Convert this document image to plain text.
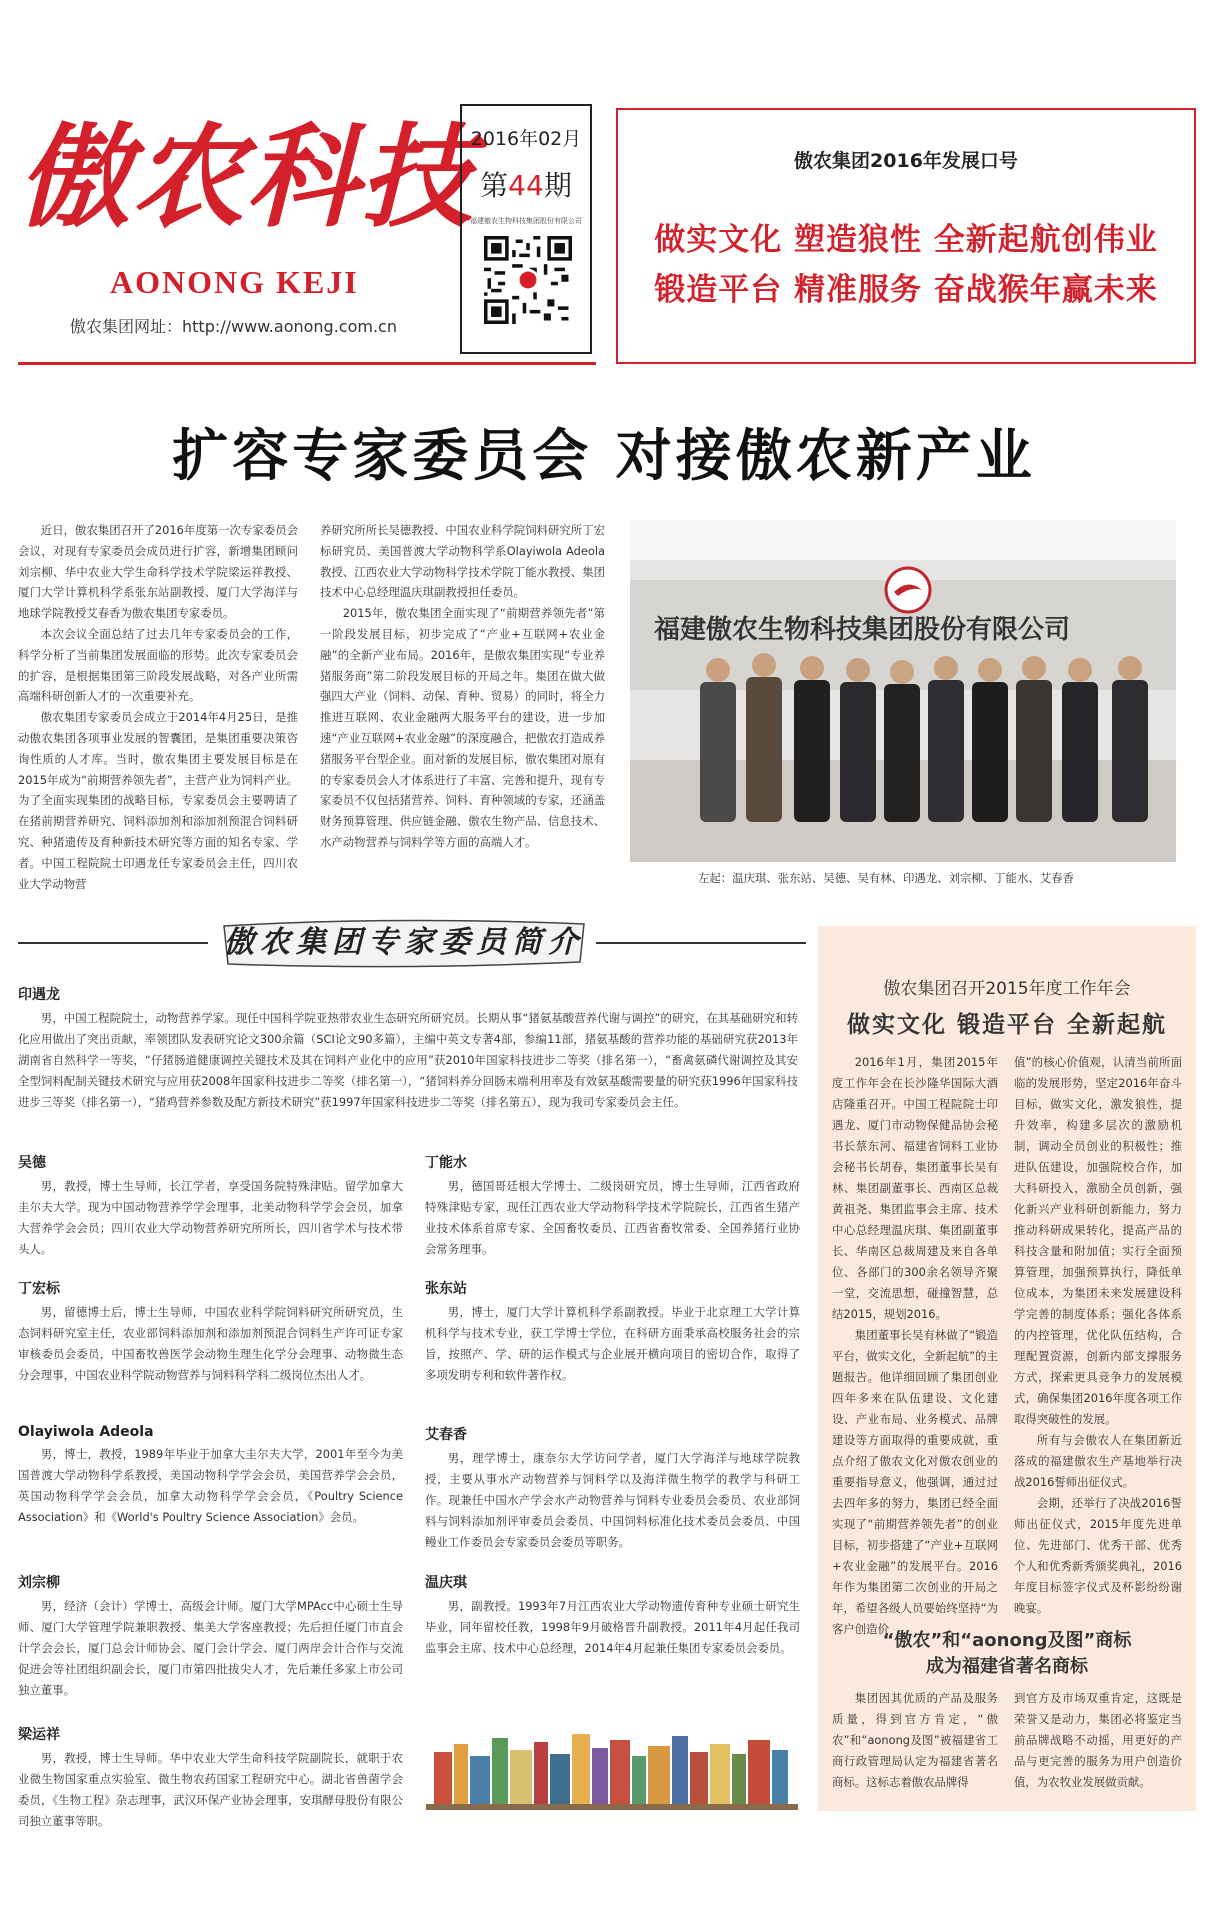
傲农科技
AONONG KEJI
傲农集团网址：http://www.aonong.com.cn
2016年02月
第44期
福建傲农生物科技集团股份有限公司
傲农集团2016年发展口号
做实文化 塑造狼性 全新起航创伟业
锻造平台 精准服务 奋战猴年赢未来
扩容专家委员会 对接傲农新产业

近日，傲农集团召开了2016年度第一次专家委员会会议，对现有专家委员会成员进行扩容，新增集团顾问刘宗柳、华中农业大学生命科学技术学院梁运祥教授、厦门大学计算机科学系张东站副教授、厦门大学海洋与地球学院教授艾春香为傲农集团专家委员。

本次会议全面总结了过去几年专家委员会的工作，科学分析了当前集团发展面临的形势。此次专家委员会的扩容，是根据集团第三阶段发展战略，对各产业所需高端科研创新人才的一次重要补充。

傲农集团专家委员会成立于2014年4月25日，是推动傲农集团各项事业发展的智囊团，是集团重要决策咨询性质的人才库。当时，傲农集团主要发展目标是在2015年成为“前期营养领先者”，主营产业为饲料产业。为了全面实现集团的战略目标，专家委员会主要聘请了在猪前期营养研究、饲料添加剂和添加剂预混合饲料研究、种猪遗传及育种新技术研究等方面的知名专家、学者。中国工程院院士印遇龙任专家委员会主任，四川农业大学动物营

养研究所所长吴德教授、中国农业科学院饲料研究所丁宏标研究员、美国普渡大学动物科学系Olayiwola Adeola教授、江西农业大学动物科学技术学院丁能水教授、集团技术中心总经理温庆琪副教授担任委员。

2015年，傲农集团全面实现了“前期营养领先者”第一阶段发展目标，初步完成了“产业+互联网+农业金融”的全新产业布局。2016年，是傲农集团实现“专业养猪服务商”第二阶段发展目标的开局之年。集团在做大做强四大产业（饲料、动保、育种、贸易）的同时，将全力推进互联网、农业金融两大服务平台的建设，进一步加速“产业互联网+农业金融”的深度融合，把傲农打造成养猪服务平台型企业。面对新的发展目标，傲农集团对原有的专家委员会人才体系进行了丰富、完善和提升，现有专家委员不仅包括猪营养、饲料、育种领域的专家，还涵盖财务预算管理、供应链金融、傲农生物产品、信息技术、水产动物营养与饲料学等方面的高端人才。

福建傲农生物科技集团股份有限公司
左起：温庆琪、张东站、吴德、吴有林、印遇龙、刘宗柳、丁能水、艾春香
傲农集团专家委员简介
印遇龙
男，中国工程院院士，动物营养学家。现任中国科学院亚热带农业生态研究所研究员。长期从事“猪氨基酸营养代谢与调控”的研究，在其基础研究和转化应用做出了突出贡献，率领团队发表研究论文300余篇（SCI论文90多篇），主编中英文专著4部，参编11部，猪氨基酸的营养功能的基础研究获2013年湖南省自然科学一等奖，“仔猪肠道健康调控关键技术及其在饲料产业化中的应用”获2010年国家科技进步二等奖（排名第一），“畜禽氨磷代谢调控及其安全型饲料配制关键技术研究与应用获2008年国家科技进步二等奖（排名第一），“猪饲料养分回肠末端利用率及有效氨基酸需要量的研究获1996年国家科技进步三等奖（排名第一），“猪鸡营养参数及配方新技术研究”获1997年国家科技进步二等奖（排名第五），现为我司专家委员会主任。
吴德
男，教授，博士生导师，长江学者，享受国务院特殊津贴。留学加拿大圭尔夫大学。现为中国动物营养学学会理事，北美动物科学学会会员，加拿大营养学会会员；四川农业大学动物营养研究所所长，四川省学术与技术带头人。
丁能水
男，德国哥廷根大学博士、二级岗研究员，博士生导师，江西省政府特殊津贴专家，现任江西农业大学动物科学技术学院院长，江西省生猪产业技术体系首席专家、全国畜牧委员、江西省畜牧常委、全国养猪行业协会常务理事。
丁宏标
男，留德博士后，博士生导师，中国农业科学院饲料研究所研究员，生态饲料研究室主任，农业部饲料添加剂和添加剂预混合饲料生产许可证专家审核委员会委员，中国畜牧兽医学会动物生理生化学分会理事、动物微生态分会理事，中国农业科学院动物营养与饲料科学科二级岗位杰出人才。
张东站
男，博士，厦门大学计算机科学系副教授。毕业于北京理工大学计算机科学与技术专业，获工学博士学位，在科研方面秉承高校服务社会的宗旨，按照产、学、研的运作模式与企业展开横向项目的密切合作，取得了多项发明专利和软件著作权。
Olayiwola Adeola
男，博士，教授，1989年毕业于加拿大圭尔夫大学，2001年至今为美国普渡大学动物科学系教授，美国动物科学学会会员，美国营养学会会员，英国动物科学学会会员，加拿大动物科学学会会员，《Poultry Science Association》和《World's Poultry Science Association》会员。
艾春香
男，理学博士，康奈尔大学访问学者，厦门大学海洋与地球学院教授，主要从事水产动物营养与饲料学以及海洋微生物学的教学与科研工作。现兼任中国水产学会水产动物营养与饲料专业委员会委员、农业部饲料与饲料添加剂评审委员会委员、中国饲料标准化技术委员会委员、中国鳗业工作委员会专家委员会委员等职务。
刘宗柳
男，经济（会计）学博士，高级会计师。厦门大学MPAcc中心硕士生导师、厦门大学管理学院兼职教授、集美大学客座教授；先后担任厦门市直会计学会会长，厦门总会计师协会、厦门会计学会、厦门两岸会计合作与交流促进会等社团组织副会长，厦门市第四批拔尖人才，先后兼任多家上市公司独立董事。
温庆琪
男，副教授。1993年7月江西农业大学动物遗传育种专业硕士研究生毕业，同年留校任教，1998年9月破格晋升副教授。2011年4月起任我司监事会主席、技术中心总经理，2014年4月起兼任集团专家委员会委员。
梁运祥
男，教授，博士生导师。华中农业大学生命科技学院副院长，就职于农业微生物国家重点实验室、微生物农药国家工程研究中心。湖北省兽菌学会委员，《生物工程》杂志理事，武汉环保产业协会理事，安琪酵母股份有限公司独立董事等职。
傲农集团召开2015年度工作年会
做实文化 锻造平台 全新起航

2016年1月，集团2015年度工作年会在长沙隆华国际大酒店隆重召开。中国工程院院士印遇龙、厦门市动物保健品协会秘书长蔡东河、福建省饲料工业协会秘书长胡春，集团董事长吴有林、集团副董事长、西南区总裁黄祖尧、集团监事会主席、技术中心总经理温庆琪、集团副董事长、华南区总裁周建及来自各单位、各部门的300余名领导齐聚一堂，交流思想，碰撞智慧，总结2015，规划2016。

集团董事长吴有林做了“锻造平台，做实文化，全新起航”的主题报告。他详细回顾了集团创业四年多来在队伍建设、文化建设、产业布局、业务模式、品牌建设等方面取得的重要成就，重点介绍了傲农文化对傲农创业的重要指导意义，他强调，通过过去四年多的努力，集团已经全面实现了“前期营养领先者”的创业目标，初步搭建了“产业+互联网+农业金融”的发展平台。2016年作为集团第二次创业的开局之年，希望各级人员要始终坚持“为客户创造价

值”的核心价值观，认清当前所面临的发展形势，坚定2016年奋斗目标，做实文化，激发狼性，提升效率，构建多层次的激励机制，调动全员创业的积极性；推进队伍建设，加强院校合作，加大科研投入，激励全员创新，强化新兴产业科研创新能力，努力推动科研成果转化，提高产品的科技含量和附加值；实行全面预算管理，加强预算执行，降低单位成本，为集团未来发展建设科学完善的制度体系；强化各体系的内控管理，优化队伍结构，合理配置资源，创新内部支撑服务方式，探索更具竞争力的发展模式，确保集团2016年度各项工作取得突破性的发展。

所有与会傲农人在集团新近落成的福建傲农生产基地举行决战2016誓师出征仪式。

会期，还举行了决战2016誓师出征仪式，2015年度先进单位、先进部门、优秀干部、优秀个人和优秀新秀颁奖典礼，2016年度目标签字仪式及杯影纷纷谢晚宴。

“傲农”和“aonong及图”商标
成为福建省著名商标

集团因其优质的产品及服务质量，得到官方肯定，“傲农”和“aonong及图”被福建省工商行政管理局认定为福建省著名商标。这标志着傲农品牌得

到官方及市场双重肯定，这既是荣誉又是动力，集团必将鉴定当前品牌战略不动摇，用更好的产品与更完善的服务为用户创造价值，为农牧业发展做贡献。
